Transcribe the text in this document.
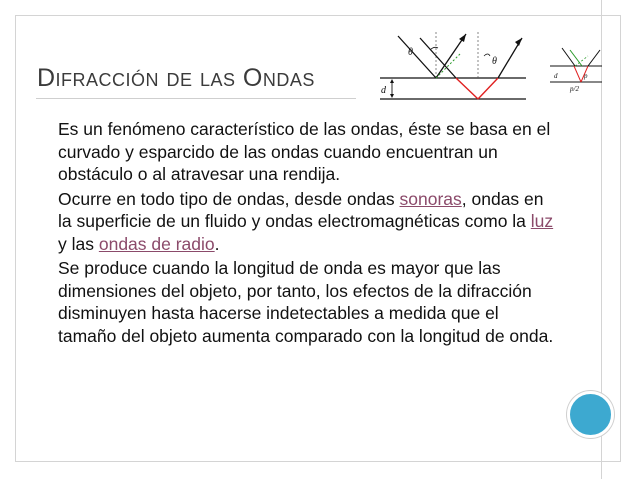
Difracción de las Ondas
θ
θ
d
p
p/2
d
Es un fenómeno característico de las ondas, éste se basa en el curvado y esparcido de las ondas cuando encuentran un obstáculo o al atravesar una rendija.
Ocurre en todo tipo de ondas, desde ondas sonoras, ondas en la superficie de un fluido y ondas electromagnéticas como la luz y las ondas de radio.
Se produce cuando la longitud de onda es mayor que las dimensiones del objeto, por tanto, los efectos de la difracción disminuyen hasta hacerse indetectables a medida que el tamaño del objeto aumenta comparado con la longitud de onda.
